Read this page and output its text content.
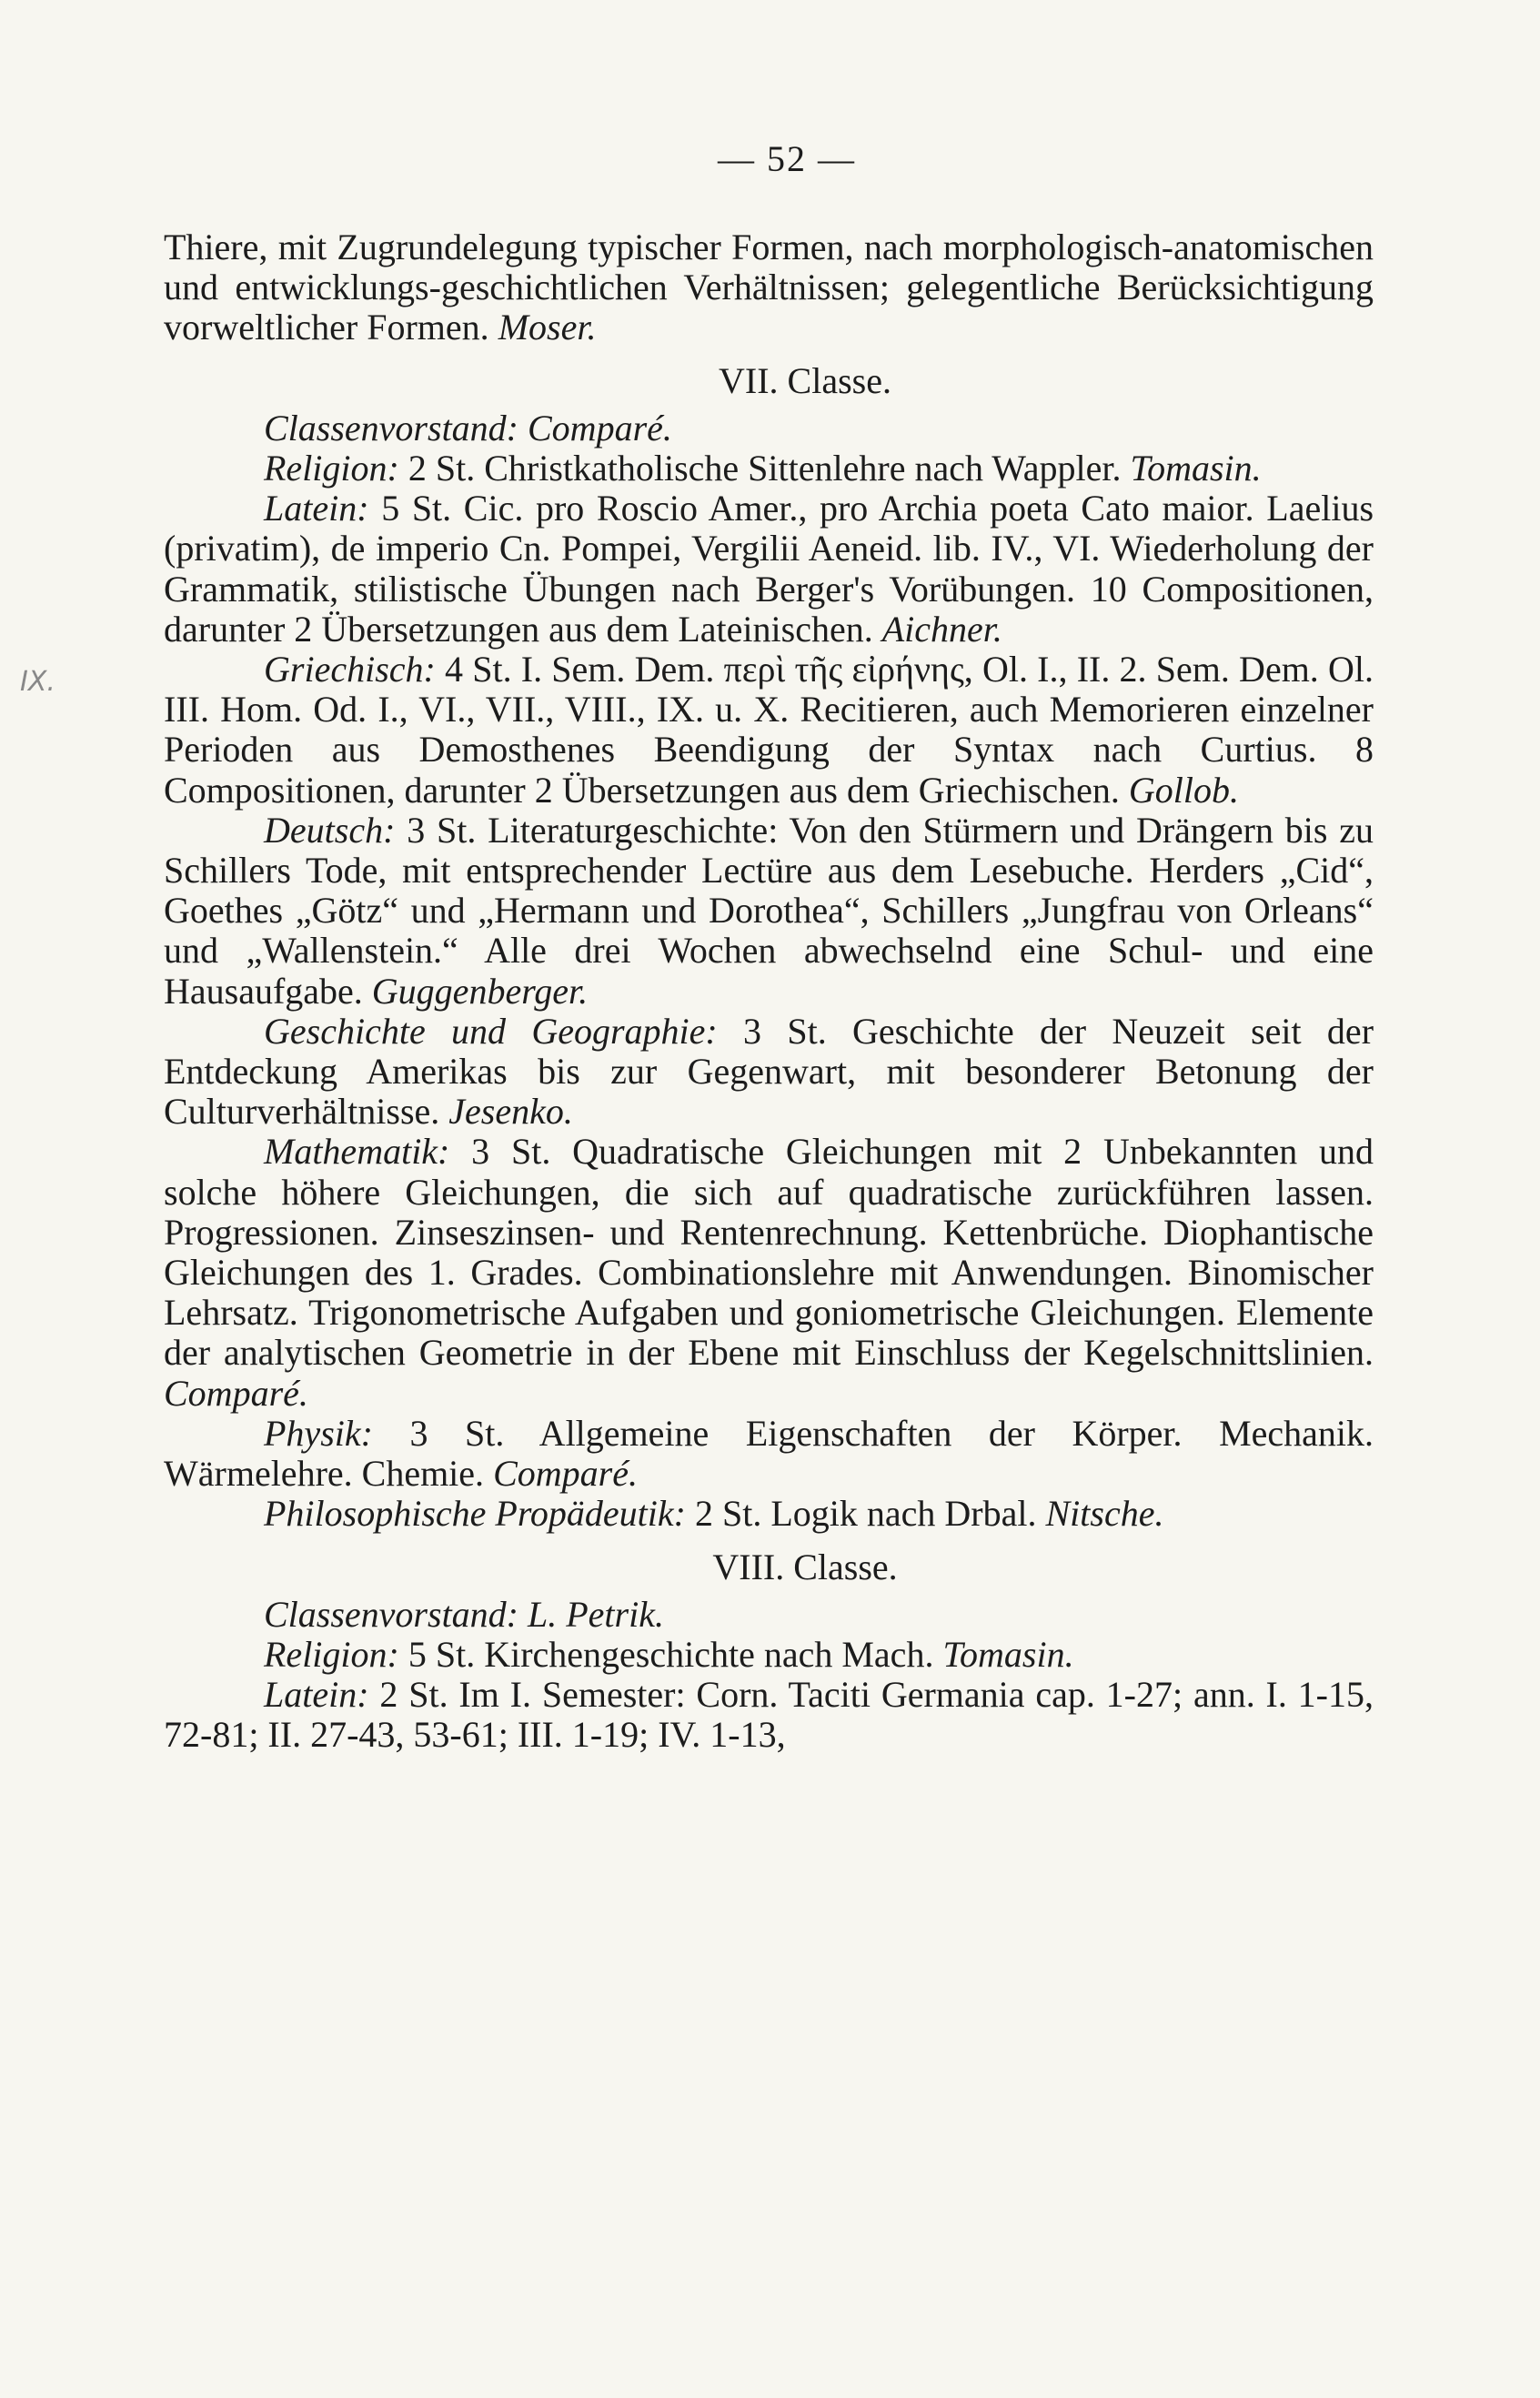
IX.
— 52 —

Thiere, mit Zugrundelegung typischer Formen, nach morphologisch-anatomischen und entwicklungs-geschichtlichen Verhältnissen; gelegentliche Berücksichtigung vorweltlicher Formen. Moser.

VII. Classe.

Classenvorstand: Comparé.

Religion: 2 St. Christkatholische Sittenlehre nach Wappler. Tomasin.

Latein: 5 St. Cic. pro Roscio Amer., pro Archia poeta Cato maior. Laelius (privatim), de imperio Cn. Pompei, Vergilii Aeneid. lib. IV., VI. Wiederholung der Grammatik, stilistische Übungen nach Berger's Vorübungen. 10 Compositionen, darunter 2 Übersetzungen aus dem Lateinischen. Aichner.

Griechisch: 4 St. I. Sem. Dem. περὶ τῆς εἰρήνης, Ol. I., II. 2. Sem. Dem. Ol. III. Hom. Od. I., VI., VII., VIII., IX. u. X. Recitieren, auch Memorieren einzelner Perioden aus Demosthenes Beendigung der Syntax nach Curtius. 8 Compositionen, darunter 2 Übersetzungen aus dem Griechischen. Gollob.

Deutsch: 3 St. Literaturgeschichte: Von den Stürmern und Drängern bis zu Schillers Tode, mit entsprechender Lectüre aus dem Lesebuche. Herders „Cid“, Goethes „Götz“ und „Hermann und Dorothea“, Schillers „Jungfrau von Orleans“ und „Wallenstein.“ Alle drei Wochen abwechselnd eine Schul- und eine Hausaufgabe. Guggenberger.

Geschichte und Geographie: 3 St. Geschichte der Neuzeit seit der Entdeckung Amerikas bis zur Gegenwart, mit besonderer Betonung der Culturverhältnisse. Jesenko.

Mathematik: 3 St. Quadratische Gleichungen mit 2 Unbekannten und solche höhere Gleichungen, die sich auf quadratische zurückführen lassen. Progressionen. Zinseszinsen- und Rentenrechnung. Kettenbrüche. Diophantische Gleichungen des 1. Grades. Combinationslehre mit Anwendungen. Binomischer Lehrsatz. Trigonometrische Aufgaben und goniometrische Gleichungen. Elemente der analytischen Geometrie in der Ebene mit Einschluss der Kegelschnittslinien. Comparé.

Physik: 3 St. Allgemeine Eigenschaften der Körper. Mechanik. Wärmelehre. Chemie. Comparé.

Philosophische Propädeutik: 2 St. Logik nach Drbal. Nitsche.

VIII. Classe.

Classenvorstand: L. Petrik.

Religion: 5 St. Kirchengeschichte nach Mach. Tomasin.

Latein: 2 St. Im I. Semester: Corn. Taciti Germania cap. 1-27; ann. I. 1-15, 72-81; II. 27-43, 53-61; III. 1-19; IV. 1-13,
